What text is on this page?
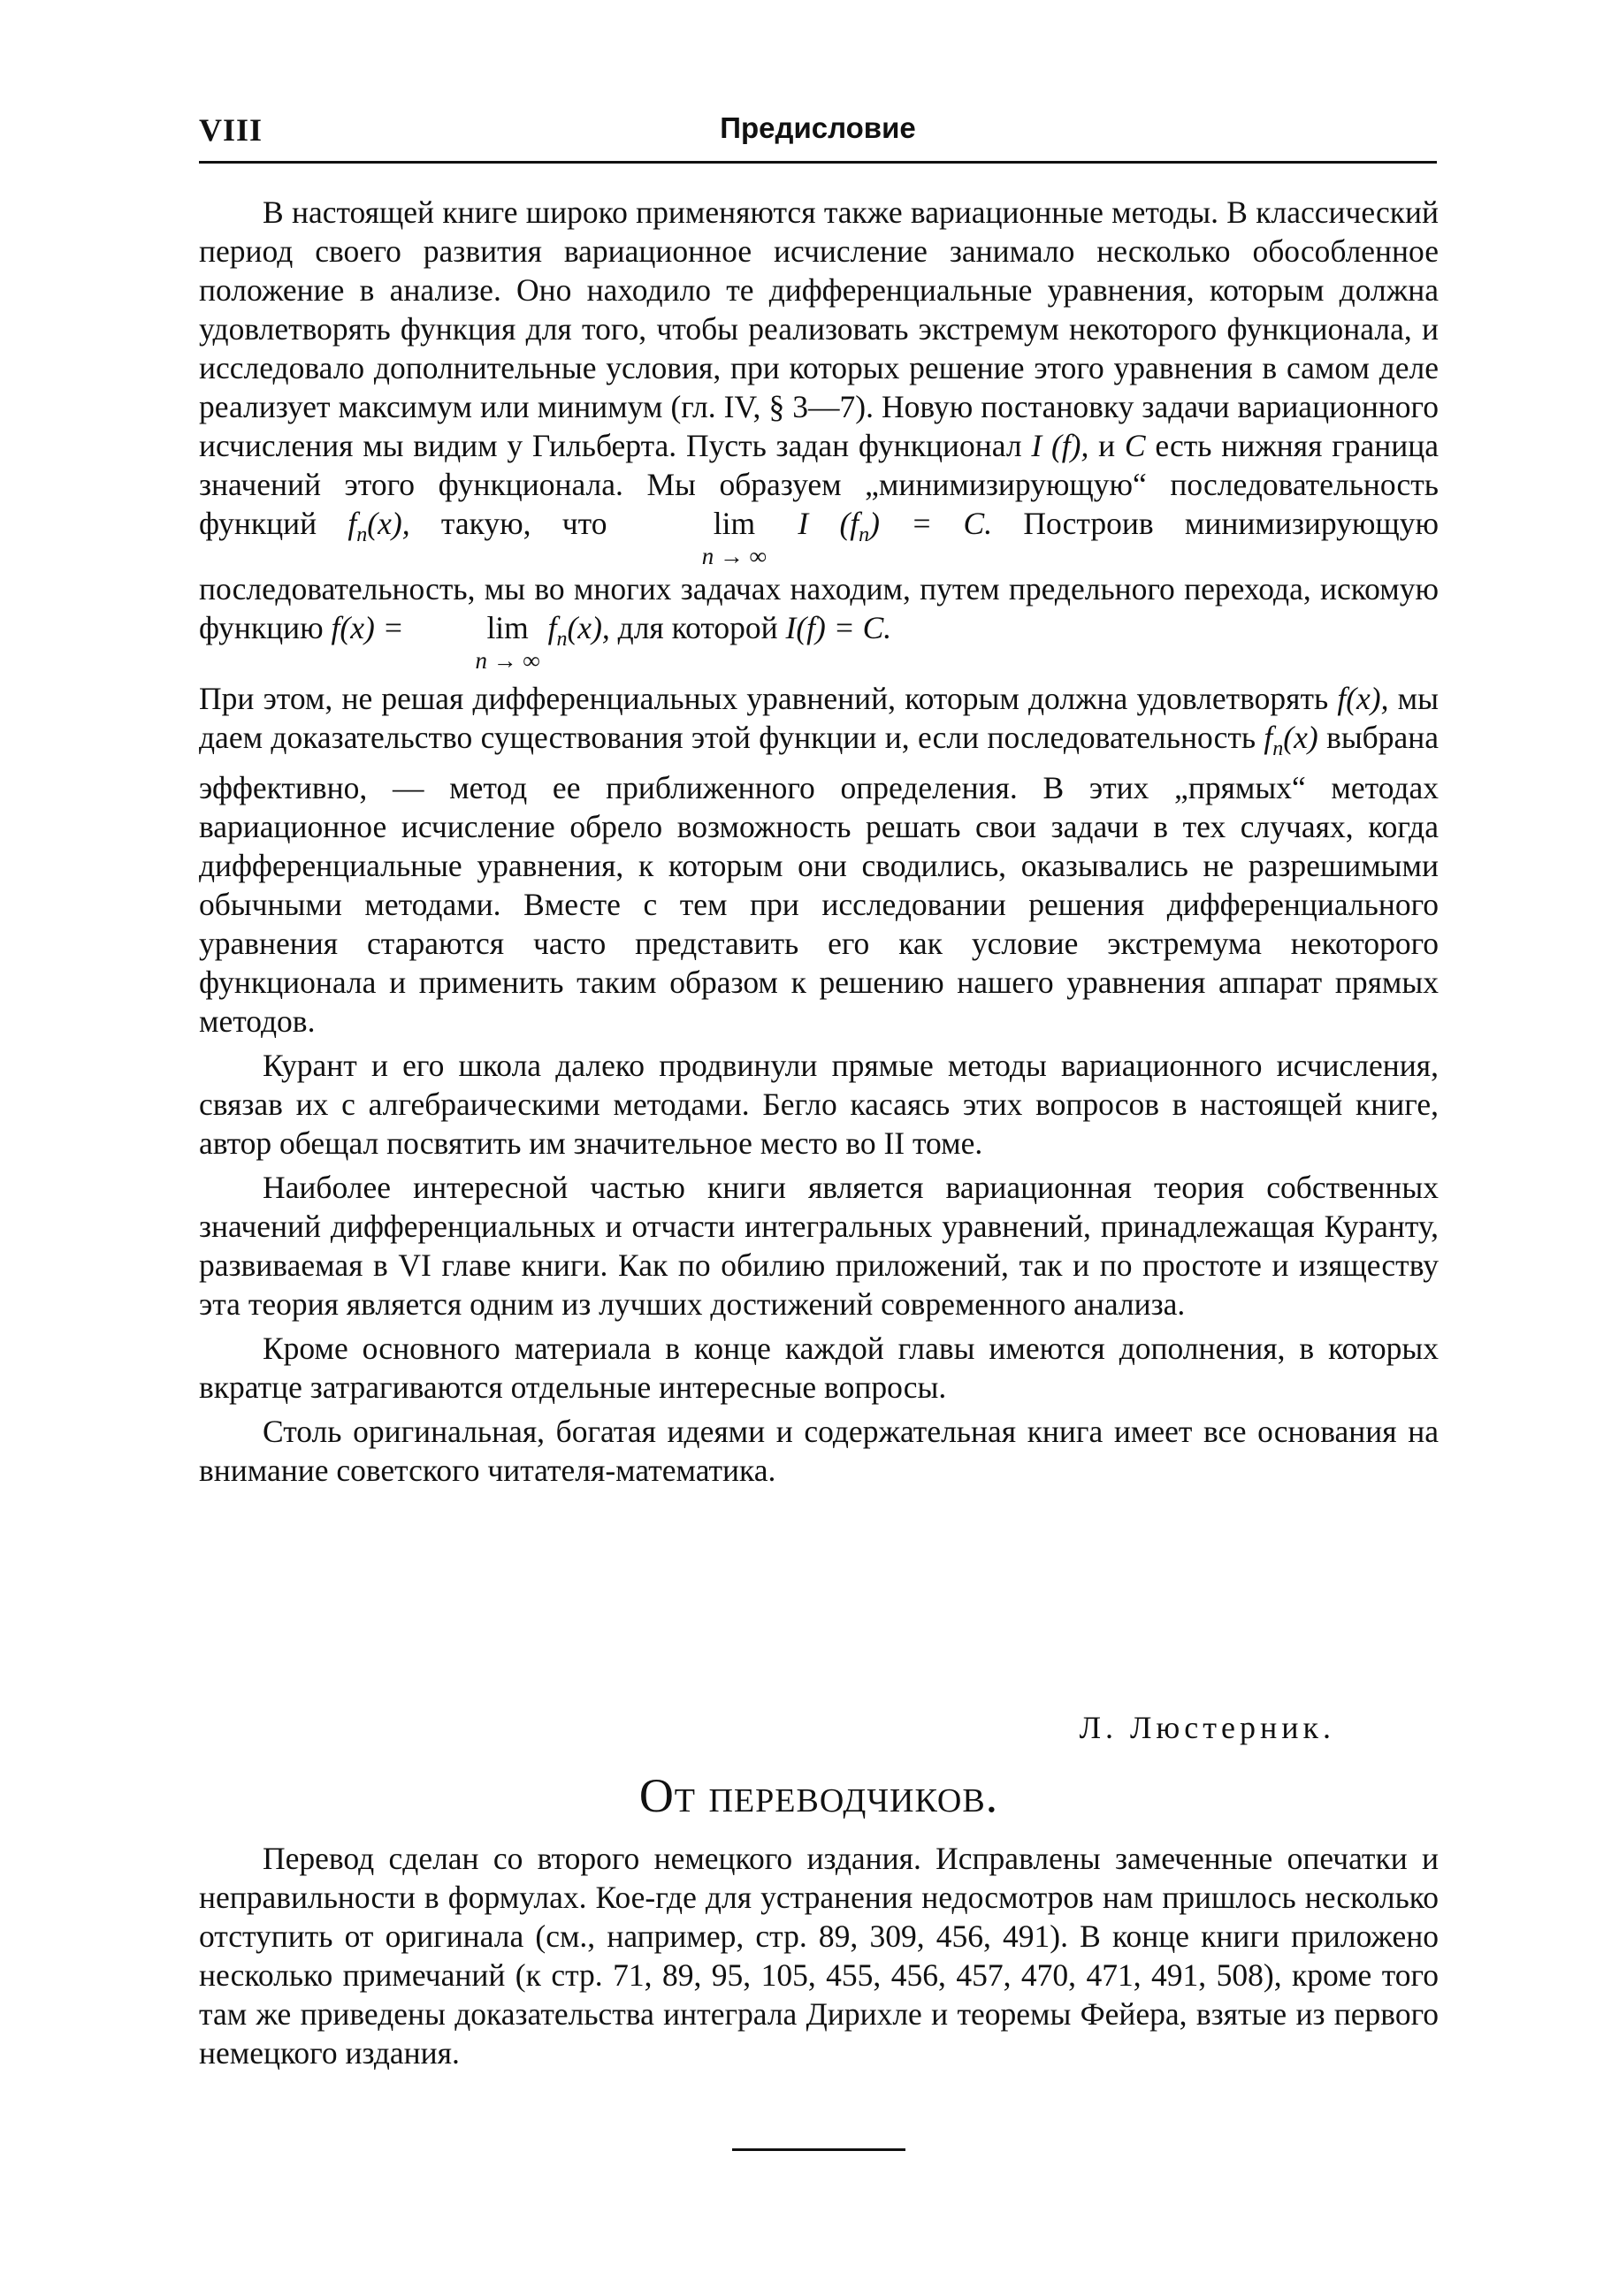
VIII	Предисловие

В настоящей книге широко применяются также вариационные методы. В классический период своего развития вариационное исчисление занимало несколько обособленное положение в анализе. Оно находило те дифференциальные уравнения, которым должна удовлетворять функция для того, чтобы реализовать экстремум некоторого функционала, и исследовало дополнительные условия, при которых решение этого уравнения в самом деле реализует максимум или минимум (гл. IV, § 3—7). Новую постановку задачи вариационного исчисления мы видим у Гильберта. Пусть задан функционал I (f), и C есть нижняя граница значений этого функционала. Мы образуем „минимизирующую“ последовательность функций $f_n(x)$, такую, что	lim
n → ∞
I $(f_n) = C$. Построив минимизирующую последовательность, мы во многих задачах находим, путем предельного перехода, искомую функцию f(x) =	lim
n → ∞
$f_n(x)$, для которой I(f) = C.

При этом, не решая дифференциальных уравнений, которым должна удовлетворять f(x), мы даем доказательство существования этой функции и, если последовательность $f_n(x)$ выбрана эффективно, — метод ее приближенного определения. В этих „прямых“ методах вариационное исчисление обрело возможность решать свои задачи в тех случаях, когда дифференциальные уравнения, к которым они сводились, оказывались не разрешимыми обычными методами. Вместе с тем при исследовании решения дифференциального уравнения стараются часто представить его как условие экстремума некоторого функционала и применить таким образом к решению нашего уравнения аппарат прямых методов.

Курант и его школа далеко продвинули прямые методы вариационного исчисления, связав их с алгебраическими методами. Бегло касаясь этих вопросов в настоящей книге, автор обещал посвятить им значительное место во II томе.

Наиболее интересной частью книги является вариационная теория собственных значений дифференциальных и отчасти интегральных уравнений, принадлежащая Куранту, развиваемая в VI главе книги. Как по обилию приложений, так и по простоте и изяществу эта теория является одним из лучших достижений современного анализа.

Кроме основного материала в конце каждой главы имеются дополнения, в которых вкратце затрагиваются отдельные интересные вопросы.

Столь оригинальная, богатая идеями и содержательная книга имеет все основания на внимание советского читателя-математика.

Л. Люстерник.
От переводчиков.

Перевод сделан со второго немецкого издания. Исправлены замеченные опечатки и неправильности в формулах. Кое-где для устранения недосмотров нам пришлось несколько отступить от оригинала (см., например, стр. 89, 309, 456, 491). В конце книги приложено несколько примечаний (к стр. 71, 89, 95, 105, 455, 456, 457, 470, 471, 491, 508), кроме того там же приведены доказательства интеграла Дирихле и теоремы Фейера, взятые из первого немецкого издания.
